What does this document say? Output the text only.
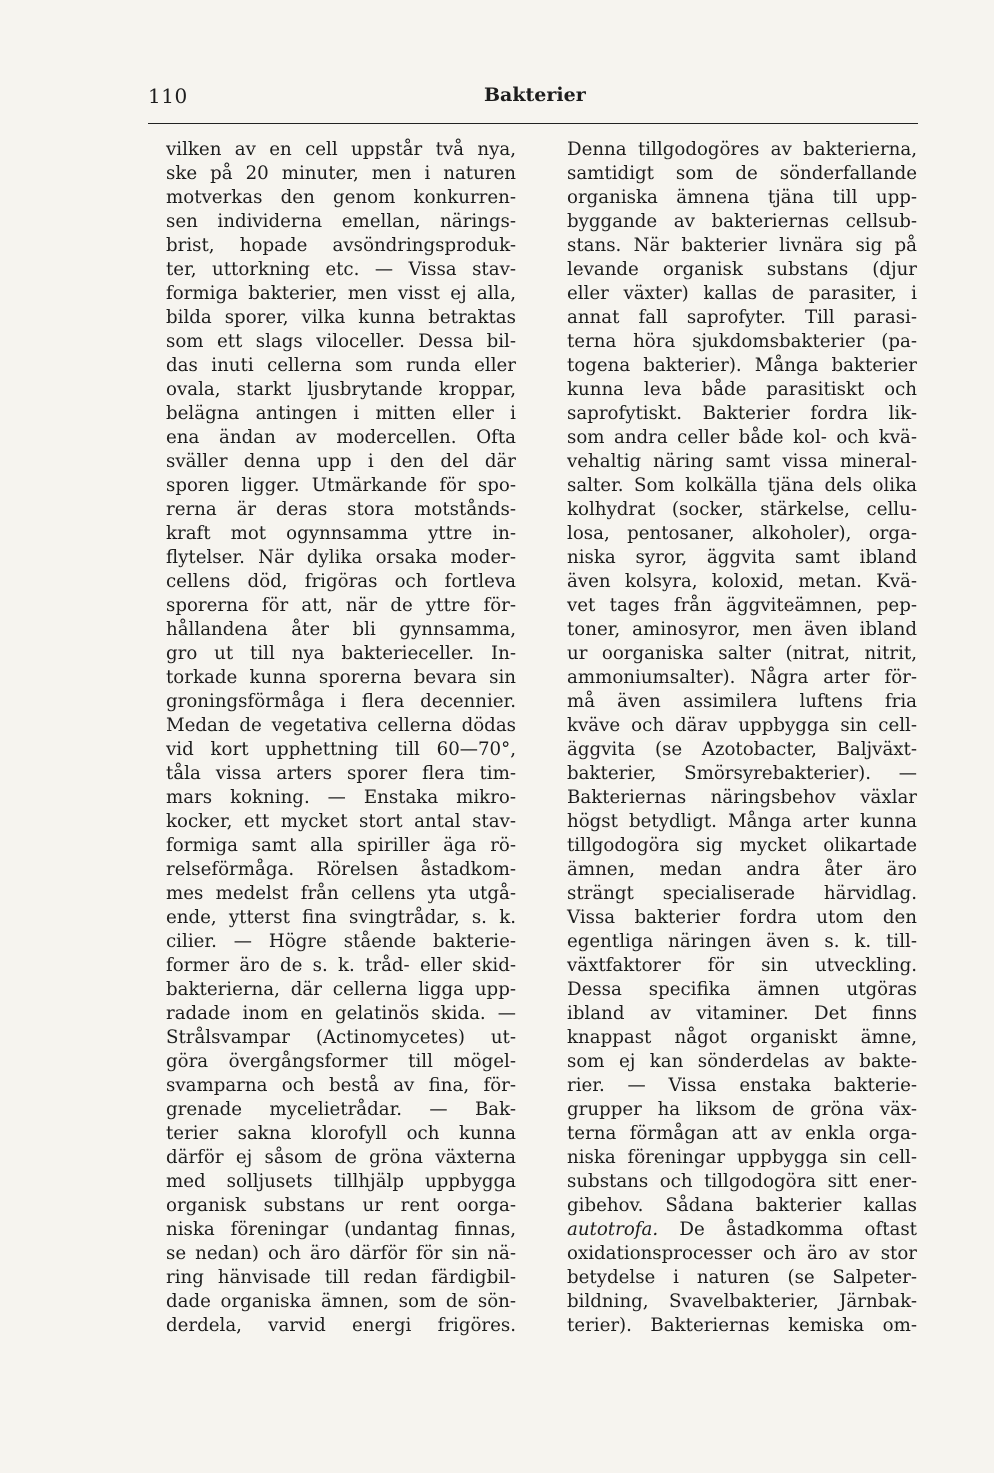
110	Bakterier
vilken av en cell uppstår två nya,
ske på 20 minuter, men i naturen
motverkas den genom konkurren-
sen individerna emellan, närings-
brist, hopade avsöndringsproduk-
ter, uttorkning etc. — Vissa stav-
formiga bakterier, men visst ej alla,
bilda sporer, vilka kunna betraktas
som ett slags viloceller. Dessa bil-
das inuti cellerna som runda eller
ovala, starkt ljusbrytande kroppar,
belägna antingen i mitten eller i
ena ändan av modercellen. Ofta
sväller denna upp i den del där
sporen ligger. Utmärkande för spo-
rerna är deras stora motstånds-
kraft mot ogynnsamma yttre in-
flytelser. När dylika orsaka moder-
cellens död, frigöras och fortleva
sporerna för att, när de yttre för-
hållandena åter bli gynnsamma,
gro ut till nya bakterieceller. In-
torkade kunna sporerna bevara sin
groningsförmåga i flera decennier.
Medan de vegetativa cellerna dödas
vid kort upphettning till 60—70°,
tåla vissa arters sporer flera tim-
mars kokning. — Enstaka mikro-
kocker, ett mycket stort antal stav-
formiga samt alla spiriller äga rö-
relseförmåga. Rörelsen åstadkom-
mes medelst från cellens yta utgå-
ende, ytterst fina svingtrådar, s. k.
cilier. — Högre stående bakterie-
former äro de s. k. tråd- eller skid-
bakterierna, där cellerna ligga upp-
radade inom en gelatinös skida. —
Strålsvampar (Actinomycetes) ut-
göra övergångsformer till mögel-
svamparna och bestå av fina, för-
grenade mycelietrådar. — Bak-
terier sakna klorofyll och kunna
därför ej såsom de gröna växterna
med solljusets tillhjälp uppbygga
organisk substans ur rent oorga-
niska föreningar (undantag finnas,
se nedan) och äro därför för sin nä-
ring hänvisade till redan färdigbil-
dade organiska ämnen, som de sön-
derdela, varvid energi frigöres.
Denna tillgodogöres av bakterierna,
samtidigt som de sönderfallande
organiska ämnena tjäna till upp-
byggande av bakteriernas cellsub-
stans. När bakterier livnära sig på
levande organisk substans (djur
eller växter) kallas de parasiter, i
annat fall saprofyter. Till parasi-
terna höra sjukdomsbakterier (pa-
togena bakterier). Många bakterier
kunna leva både parasitiskt och
saprofytiskt. Bakterier fordra lik-
som andra celler både kol- och kvä-
vehaltig näring samt vissa mineral-
salter. Som kolkälla tjäna dels olika
kolhydrat (socker, stärkelse, cellu-
losa, pentosaner, alkoholer), orga-
niska syror, äggvita samt ibland
även kolsyra, koloxid, metan. Kvä-
vet tages från äggviteämnen, pep-
toner, aminosyror, men även ibland
ur oorganiska salter (nitrat, nitrit,
ammoniumsalter). Några arter för-
må även assimilera luftens fria
kväve och därav uppbygga sin cell-
äggvita (se Azotobacter, Baljväxt-
bakterier, Smörsyrebakterier). —
Bakteriernas näringsbehov växlar
högst betydligt. Många arter kunna
tillgodogöra sig mycket olikartade
ämnen, medan andra åter äro
strängt specialiserade härvidlag.
Vissa bakterier fordra utom den
egentliga näringen även s. k. till-
växtfaktorer för sin utveckling.
Dessa specifika ämnen utgöras
ibland av vitaminer. Det finns
knappast något organiskt ämne,
som ej kan sönderdelas av bakte-
rier. — Vissa enstaka bakterie-
grupper ha liksom de gröna väx-
terna förmågan att av enkla orga-
niska föreningar uppbygga sin cell-
substans och tillgodogöra sitt ener-
gibehov. Sådana bakterier kallas
autotrofa. De åstadkomma oftast
oxidationsprocesser och äro av stor
betydelse i naturen (se Salpeter-
bildning, Svavelbakterier, Järnbak-
terier). Bakteriernas kemiska om-
